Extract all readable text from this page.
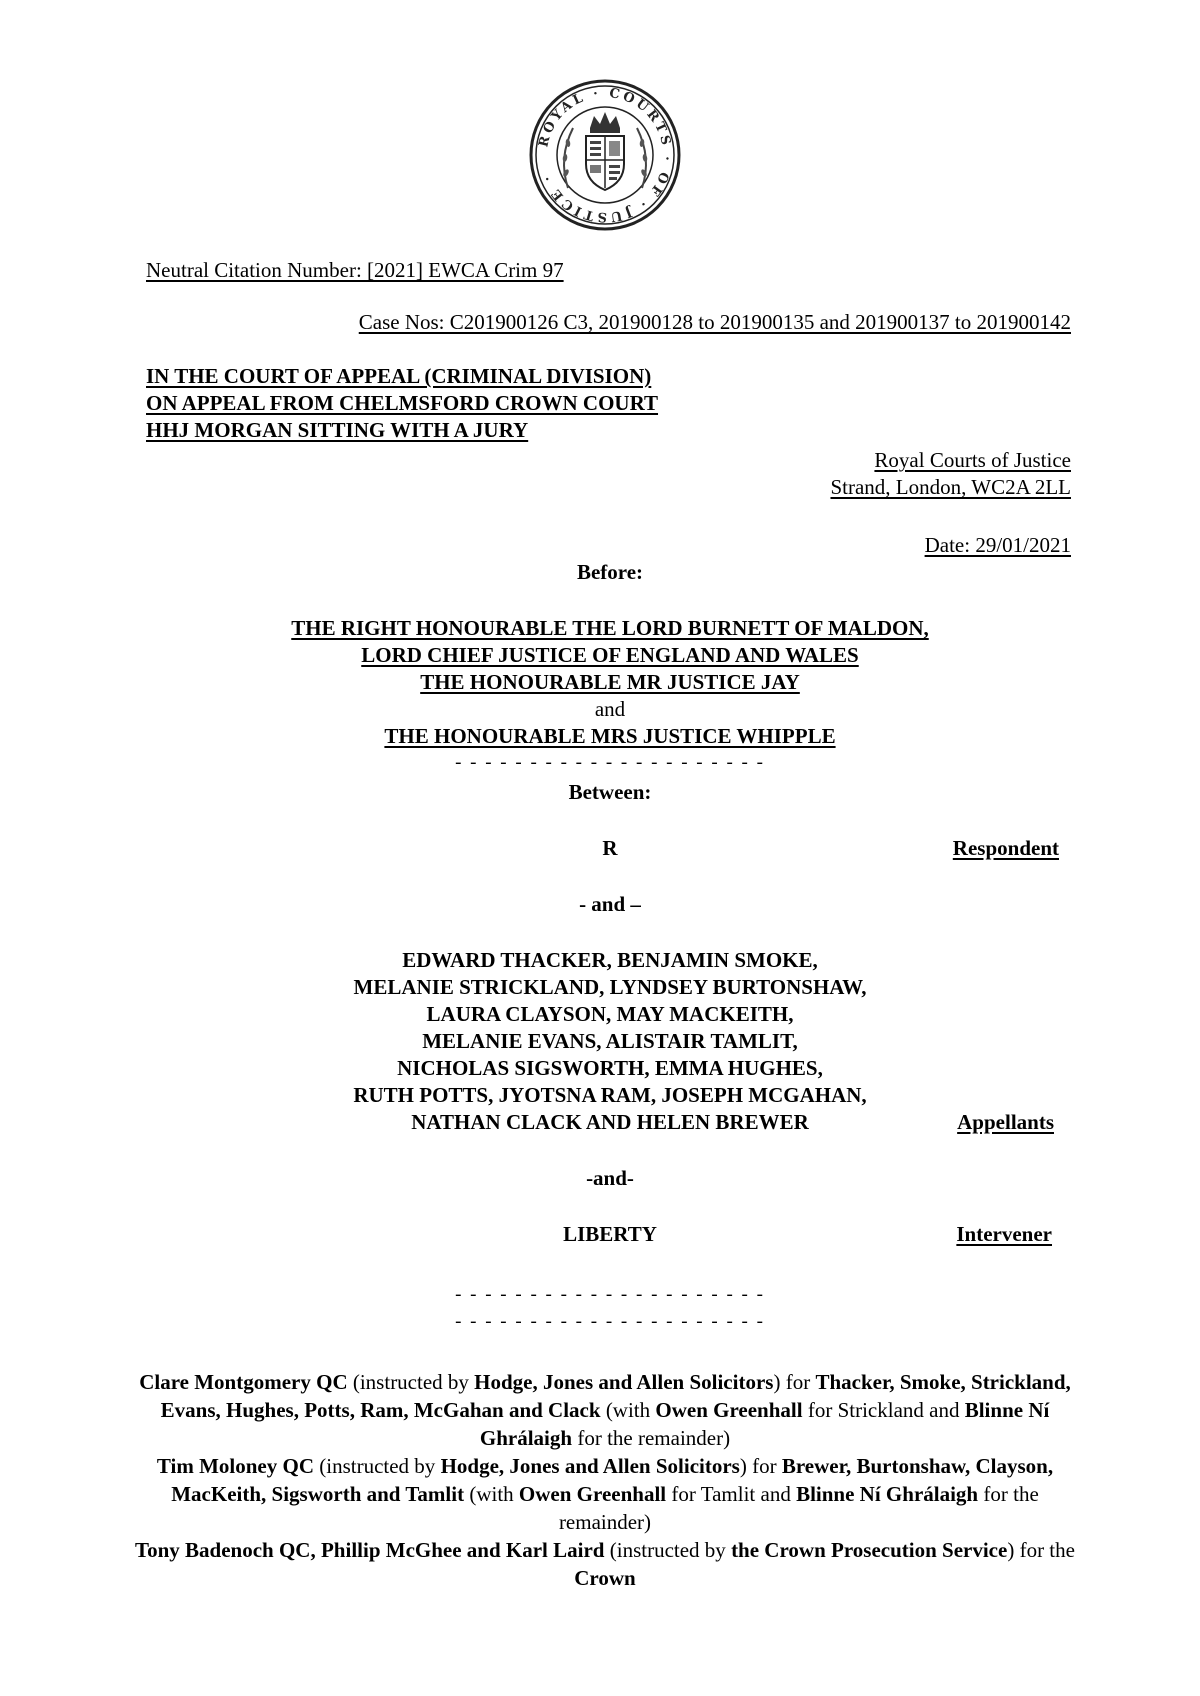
ROYAL · COURTS · OF · JUSTICE ·
Neutral Citation Number: [2021] EWCA Crim 97
Case Nos: C201900126 C3, 201900128 to 201900135 and 201900137 to 201900142
IN THE COURT OF APPEAL (CRIMINAL DIVISION)
ON APPEAL FROM CHELMSFORD CROWN COURT
HHJ MORGAN SITTING WITH A JURY
Royal Courts of Justice
Strand, London, WC2A 2LL
Date: 29/01/2021
Before:
THE RIGHT HONOURABLE THE LORD BURNETT OF MALDON,
LORD CHIEF JUSTICE OF ENGLAND AND WALES
THE HONOURABLE MR JUSTICE JAY
and
THE HONOURABLE MRS JUSTICE WHIPPLE
- - - - - - - - - - - - - - - - - - - - -
Between:
R	Respondent
- and –
EDWARD THACKER, BENJAMIN SMOKE,
MELANIE STRICKLAND, LYNDSEY BURTONSHAW,
LAURA CLAYSON, MAY MACKEITH,
MELANIE EVANS, ALISTAIR TAMLIT,
NICHOLAS SIGSWORTH, EMMA HUGHES,
RUTH POTTS, JYOTSNA RAM, JOSEPH MCGAHAN,
NATHAN CLACK AND HELEN BREWER	Appellants
-and-
LIBERTY	Intervener
- - - - - - - - - - - - - - - - - - - - -
- - - - - - - - - - - - - - - - - - - - -

Clare Montgomery QC (instructed by Hodge, Jones and Allen Solicitors) for Thacker, Smoke, Strickland, Evans, Hughes, Potts, Ram, McGahan and Clack (with Owen Greenhall for Strickland and Blinne Ní Ghrálaigh for the remainder)

Tim Moloney QC (instructed by Hodge, Jones and Allen Solicitors) for Brewer, Burtonshaw, Clayson, MacKeith, Sigsworth and Tamlit (with Owen Greenhall for Tamlit and Blinne Ní Ghrálaigh for the remainder)

Tony Badenoch QC, Phillip McGhee and Karl Laird (instructed by the Crown Prosecution Service) for the Crown
